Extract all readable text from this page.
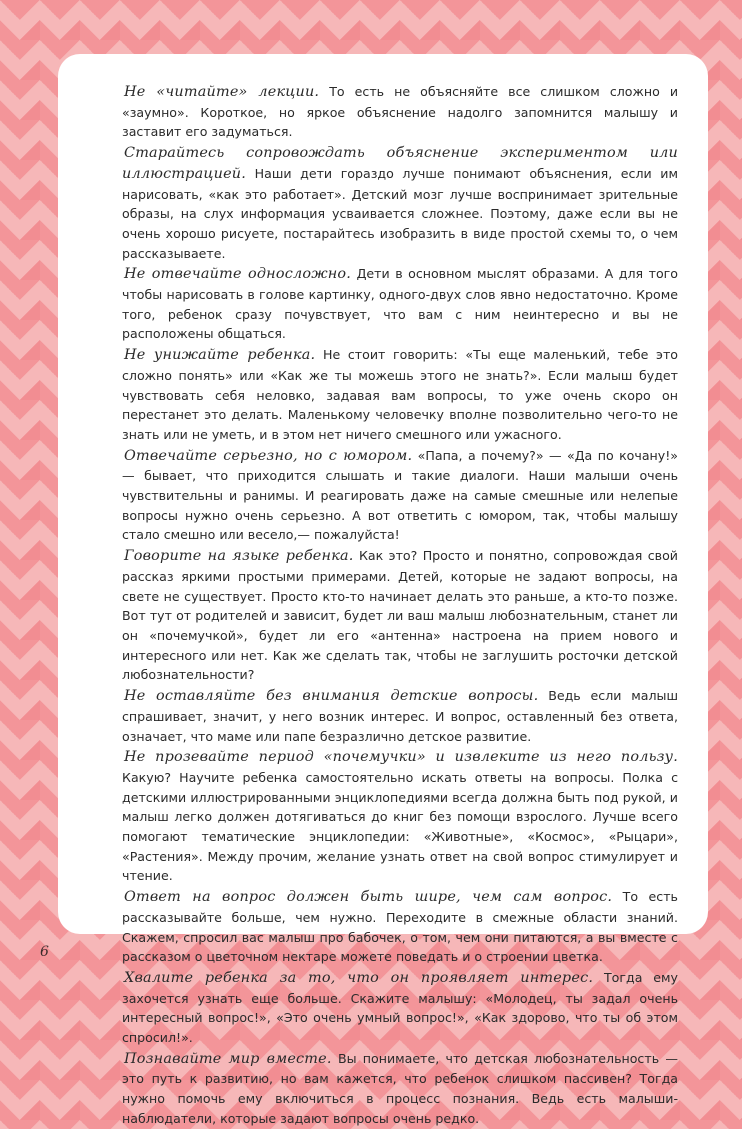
Не «читайте» лекции. То есть не объясняйте все слишком сложно и «заумно». Короткое, но яркое объяснение надолго запомнится малышу и заставит его задуматься.

Старайтесь сопровождать объяснение экспериментом или иллюстрацией. Наши дети гораздо лучше понимают объяснения, если им нарисовать, «как это работает». Детский мозг лучше воспринимает зрительные образы, на слух информация усваивается сложнее. Поэтому, даже если вы не очень хорошо рисуете, постарайтесь изобразить в виде простой схемы то, о чем рассказываете.

Не отвечайте односложно. Дети в основном мыслят образами. А для того чтобы нарисовать в голове картинку, одного-двух слов явно недостаточно. Кроме того, ребенок сразу почувствует, что вам с ним неинтересно и вы не расположены общаться.

Не унижайте ребенка. Не стоит говорить: «Ты еще маленький, тебе это сложно понять» или «Как же ты можешь этого не знать?». Если малыш будет чувствовать себя неловко, задавая вам вопросы, то уже очень скоро он перестанет это делать. Маленькому человечку вполне позволительно чего-то не знать или не уметь, и в этом нет ничего смешного или ужасного.

Отвечайте серьезно, но с юмором. «Папа, а почему?» — «Да по кочану!» — бывает, что приходится слышать и такие диалоги. Наши малыши очень чувствительны и ранимы. И реагировать даже на самые смешные или нелепые вопросы нужно очень серьезно. А вот ответить с юмором, так, чтобы малышу стало смешно или весело,— пожалуйста!

Говорите на языке ребенка. Как это? Просто и понятно, сопровождая свой рассказ яркими простыми примерами. Детей, которые не задают вопросы, на свете не существует. Просто кто-то начинает делать это раньше, а кто-то позже. Вот тут от родителей и зависит, будет ли ваш малыш любознательным, станет ли он «почемучкой», будет ли его «антенна» настроена на прием нового и интересного или нет. Как же сделать так, чтобы не заглушить росточки детской любознательности?

Не оставляйте без внимания детские вопросы. Ведь если малыш спрашивает, значит, у него возник интерес. И вопрос, оставленный без ответа, означает, что маме или папе безразлично детское развитие.

Не прозевайте период «почемучки» и извлеките из него пользу. Какую? Научите ребенка самостоятельно искать ответы на вопросы. Полка с детскими иллюстрированными энциклопедиями всегда должна быть под рукой, и малыш легко должен дотягиваться до книг без помощи взрослого. Лучше всего помогают тематические энциклопедии: «Животные», «Космос», «Рыцари», «Растения». Между прочим, желание узнать ответ на свой вопрос стимулирует и чтение.

Ответ на вопрос должен быть шире, чем сам вопрос. То есть рассказывайте больше, чем нужно. Переходите в смежные области знаний. Скажем, спросил вас малыш про бабочек, о том, чем они питаются, а вы вместе с рассказом о цветочном нектаре можете поведать и о строении цветка.

Хвалите ребенка за то, что он проявляет интерес. Тогда ему захочется узнать еще больше. Скажите малышу: «Молодец, ты задал очень интересный вопрос!», «Это очень умный вопрос!», «Как здорово, что ты об этом спросил!».

Познавайте мир вместе. Вы понимаете, что детская любознательность — это путь к развитию, но вам кажется, что ребенок слишком пассивен? Тогда нужно помочь ему включиться в процесс познания. Ведь есть малыши-наблюдатели, которые задают вопросы очень редко.

6
